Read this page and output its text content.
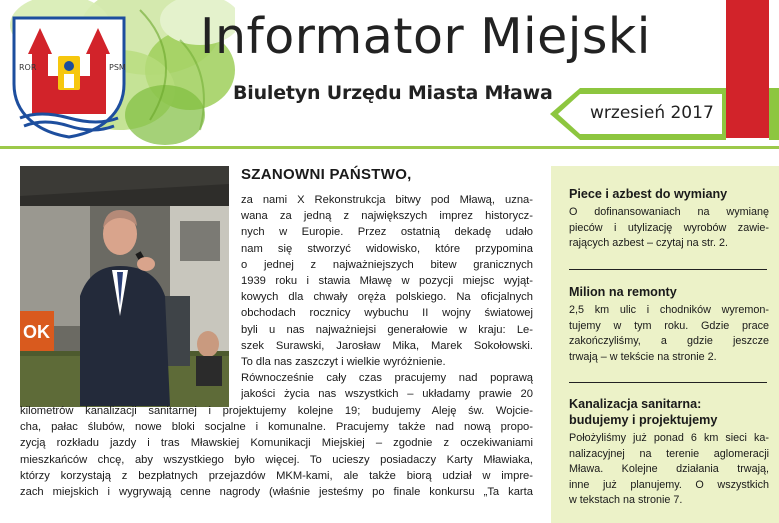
ROR	PSM
Informator Miejski
Biuletyn Urzędu Miasta Mława
wrzesień 2017
OK
SZANOWNI PAŃSTWO,
za nami X Rekonstrukcja bitwy pod Mławą, uzna-
wana za jedną z największych imprez historycz-
nych w Europie. Przez ostatnią dekadę udało
nam się stworzyć widowisko, które przypomina
o jednej z najważniejszych bitew granicznych
1939 roku i stawia Mławę w pozycji miejsc wyjąt-
kowych dla chwały oręża polskiego. Na oficjalnych
obchodach rocznicy wybuchu II wojny światowej
byli u nas najważniejsi generałowie w kraju: Le-
szek Surawski, Jarosław Mika, Marek Sokołowski.
To dla nas zaszczyt i wielkie wyróżnienie.
Równocześnie cały czas pracujemy nad poprawą
jakości życia nas wszystkich – układamy prawie 20
kilometrów kanalizacji sanitarnej i projektujemy kolejne 19; budujemy Aleję św. Wojcie-
cha, pałac ślubów, nowe bloki socjalne i komunalne. Pracujemy także nad nową propo-
zycją rozkładu jazdy i tras Mławskiej Komunikacji Miejskiej – zgodnie z oczekiwaniami
mieszkańców chcę, aby wszystkiego było więcej. To ucieszy posiadaczy Karty Mławiaka,
którzy korzystają z bezpłatnych przejazdów MKM-kami, ale także biorą udział w impre-
zach miejskich i wygrywają cenne nagrody (właśnie jesteśmy po finale konkursu „Ta karta
Piece i azbest do wymiany
O dofinansowaniach na wymianę
pieców i utylizację wyrobów zawie-
rających azbest – czytaj na str. 2.
Milion na remonty
2,5 km ulic i chodników wyremon-
tujemy w tym roku. Gdzie prace
zakończyliśmy, a gdzie jeszcze
trwają – w tekście na stronie 2.
Kanalizacja sanitarna:
budujemy i projektujemy
Położyliśmy już ponad 6 km sieci ka-
nalizacyjnej na terenie aglomeracji
Mława. Kolejne działania trwają,
inne już planujemy. O wszystkich
w tekstach na stronie 7.
